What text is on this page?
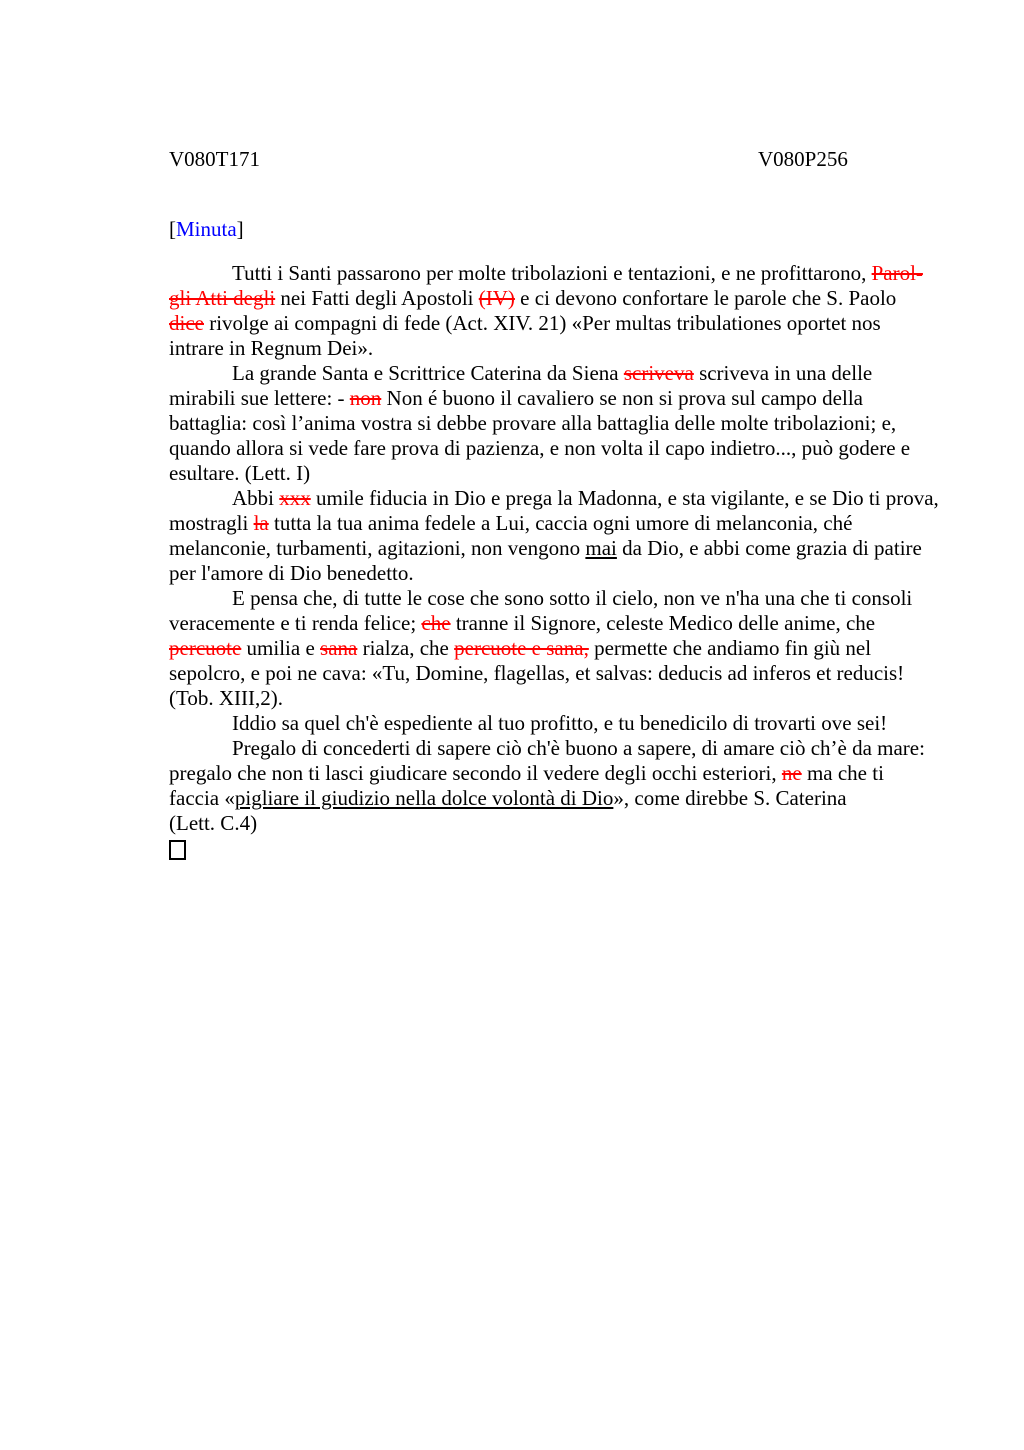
V080T171	V080P256
[Minuta]
Tutti i Santi passarono per molte tribolazioni e tentazioni, e ne profittarono, Parol-
gli Atti degli nei Fatti degli Apostoli (IV) e ci devono confortare le parole che S. Paolo
dice rivolge ai compagni di fede (Act. XIV. 21) «Per multas tribulationes oportet nos
intrare in Regnum Dei».
La grande Santa e Scrittrice Caterina da Siena scriveva scriveva in una delle
mirabili sue lettere: - non Non é buono il cavaliero se non si prova sul campo della
battaglia: così l’anima vostra si debbe provare alla battaglia delle molte tribolazioni; e,
quando allora si vede fare prova di pazienza, e non volta il capo indietro..., può godere e
esultare. (Lett. I)
Abbi xxx umile fiducia in Dio e prega la Madonna, e sta vigilante, e se Dio ti prova,
mostragli la tutta la tua anima fedele a Lui, caccia ogni umore di melanconia, ché
melanconie, turbamenti, agitazioni, non vengono mai da Dio, e abbi come grazia di patire
per l'amore di Dio benedetto.
E pensa che, di tutte le cose che sono sotto il cielo, non ve n'ha una che ti consoli
veracemente e ti renda felice; che tranne il Signore, celeste Medico delle anime, che
percuote umilia e sana rialza, che percuote e sana, permette che andiamo fin giù nel
sepolcro, e poi ne cava: «Tu, Domine, flagellas, et salvas: deducis ad inferos et reducis!
(Tob. XIII,2).
Iddio sa quel ch'è espediente al tuo profitto, e tu benedicilo di trovarti ove sei!
Pregalo di concederti di sapere ciò ch'è buono a sapere, di amare ciò ch’è da mare:
pregalo che non ti lasci giudicare secondo il vedere degli occhi esteriori, ne ma che ti
faccia «pigliare il giudizio nella dolce volontà di Dio», come direbbe S. Caterina
(Lett. C.4)
